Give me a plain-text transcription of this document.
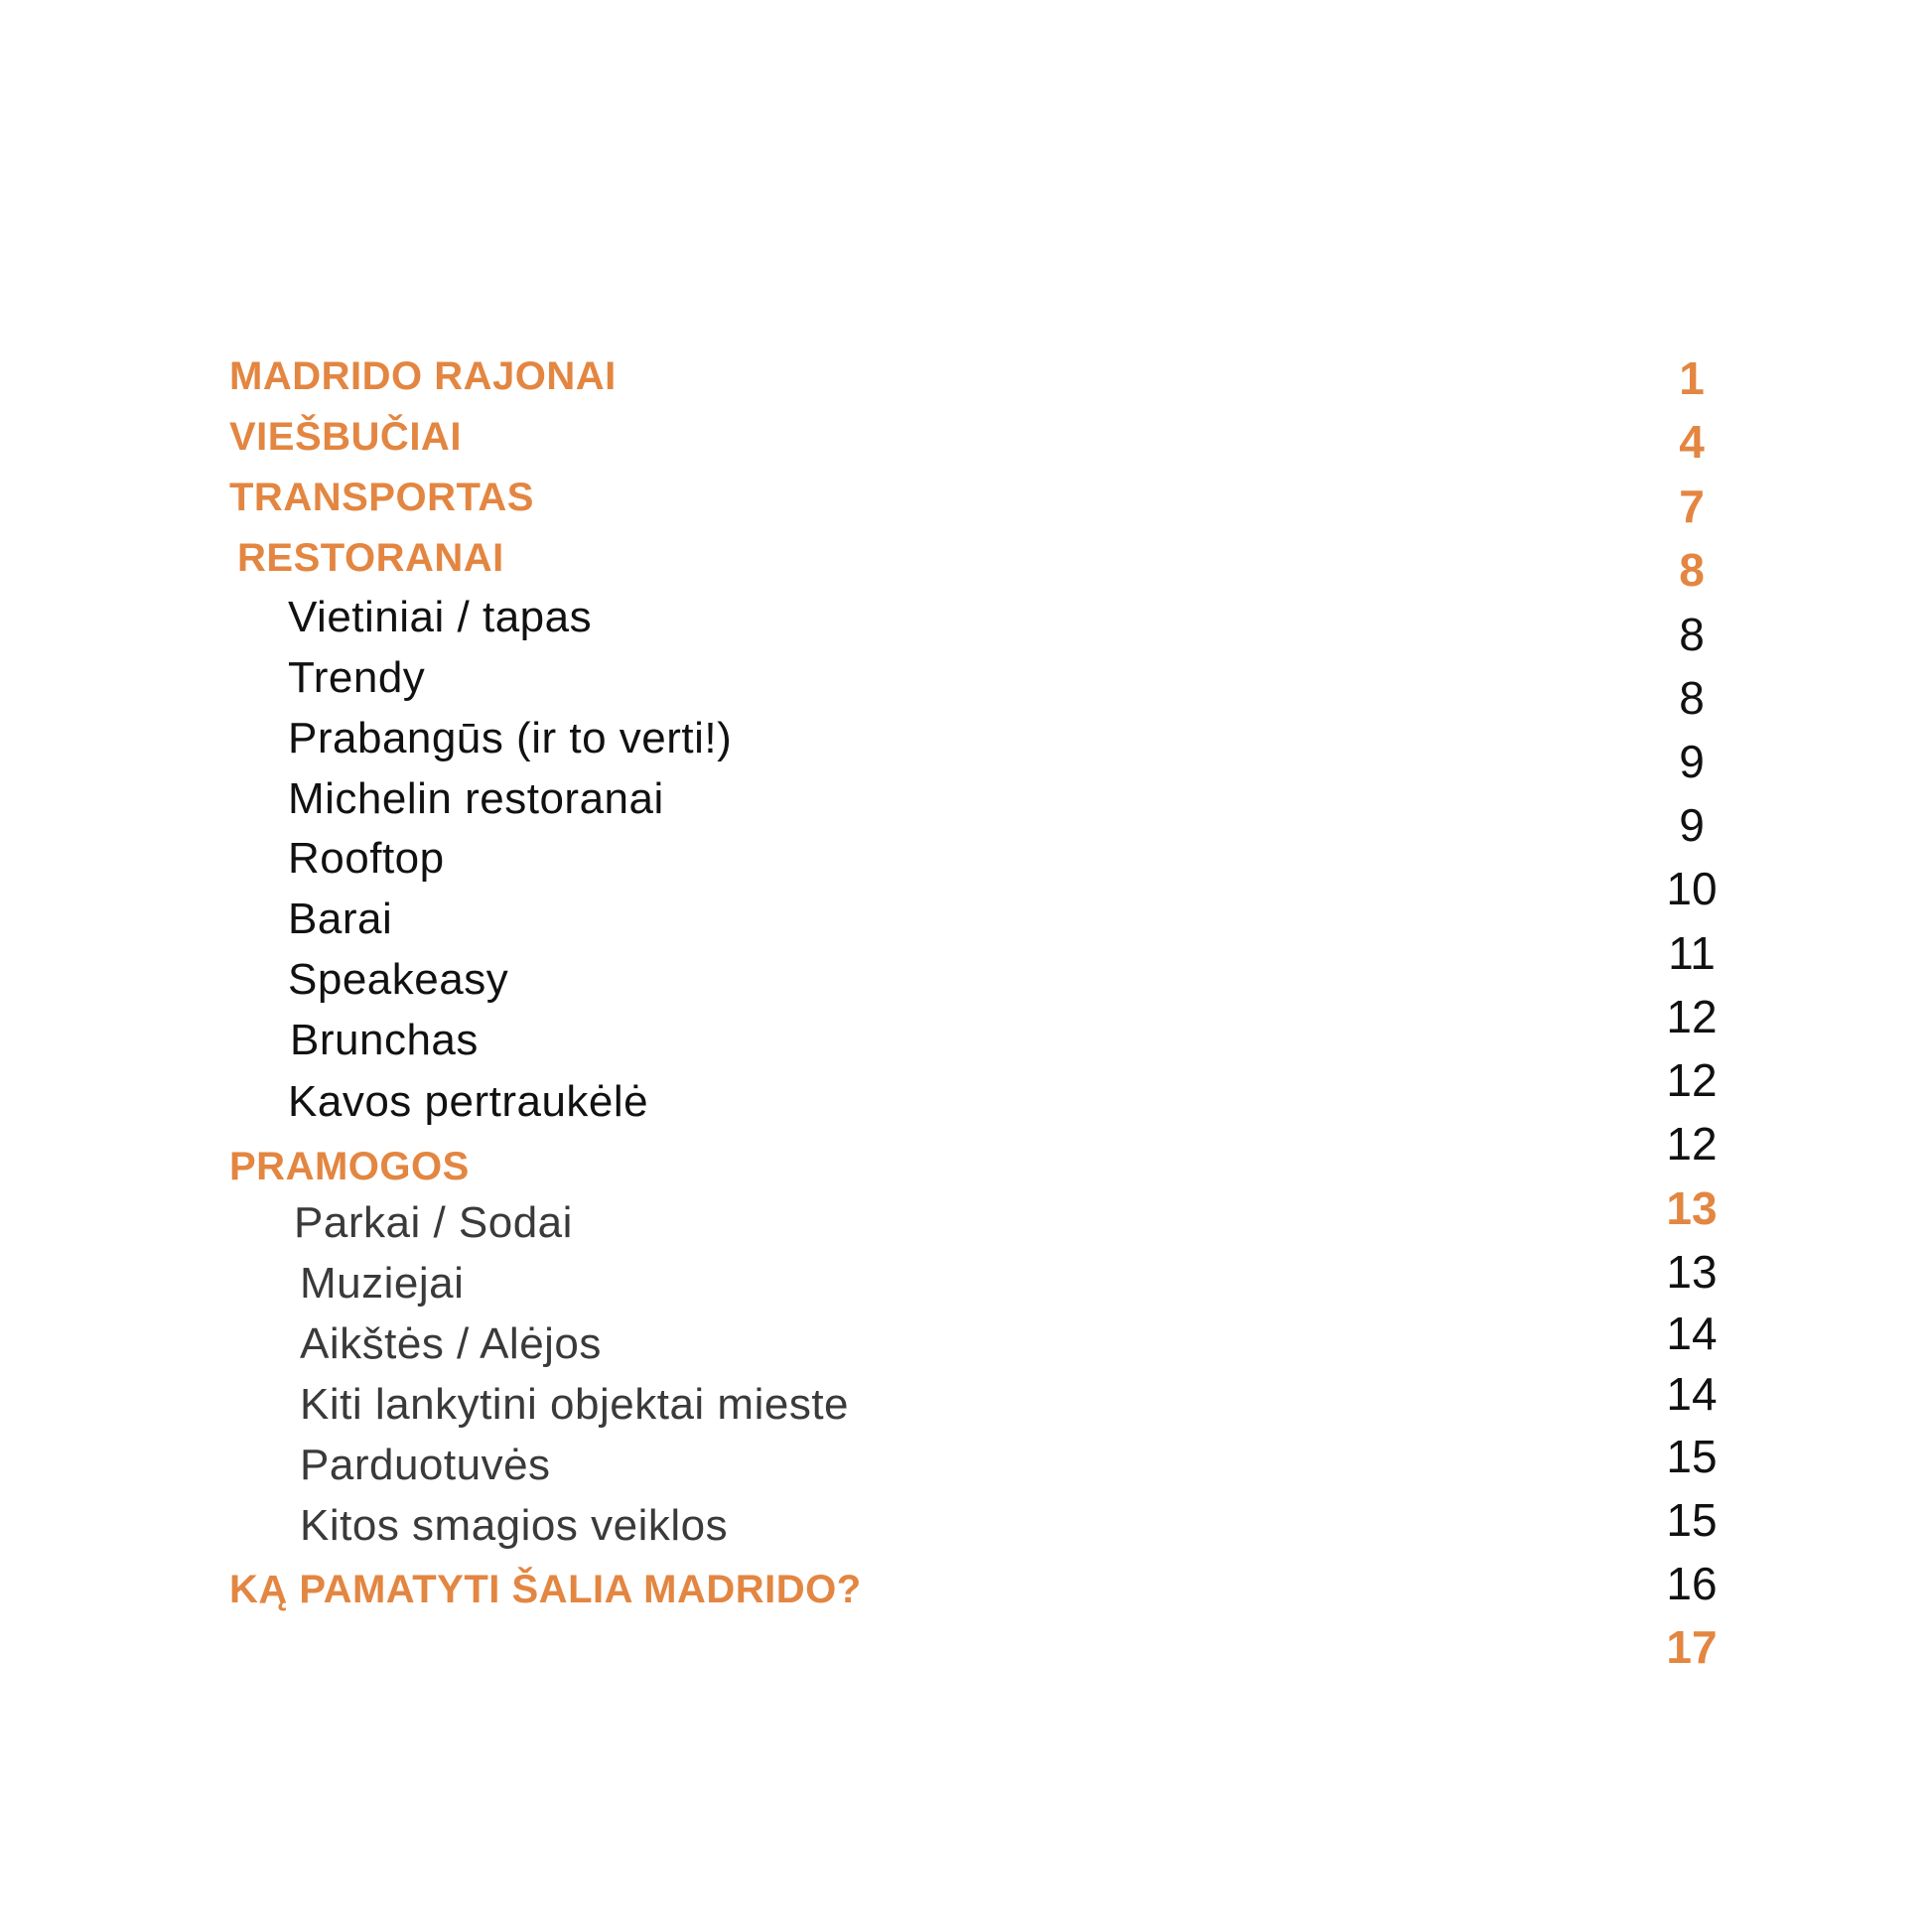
MADRIDO RAJONAI
VIEŠBUČIAI
TRANSPORTAS
RESTORANAI
Vietiniai / tapas
Trendy
Prabangūs (ir to verti!)
Michelin restoranai
Rooftop
Barai
Speakeasy
Brunchas
Kavos pertraukėlė
PRAMOGOS
Parkai / Sodai
Muziejai
Aikštės / Alėjos
Kiti lankytini objektai mieste
Parduotuvės
Kitos smagios veiklos
KĄ PAMATYTI ŠALIA MADRIDO?
1
4
7
8
8
8
9
9
10
11
12
12
12
13
13
14
14
15
15
16
17
